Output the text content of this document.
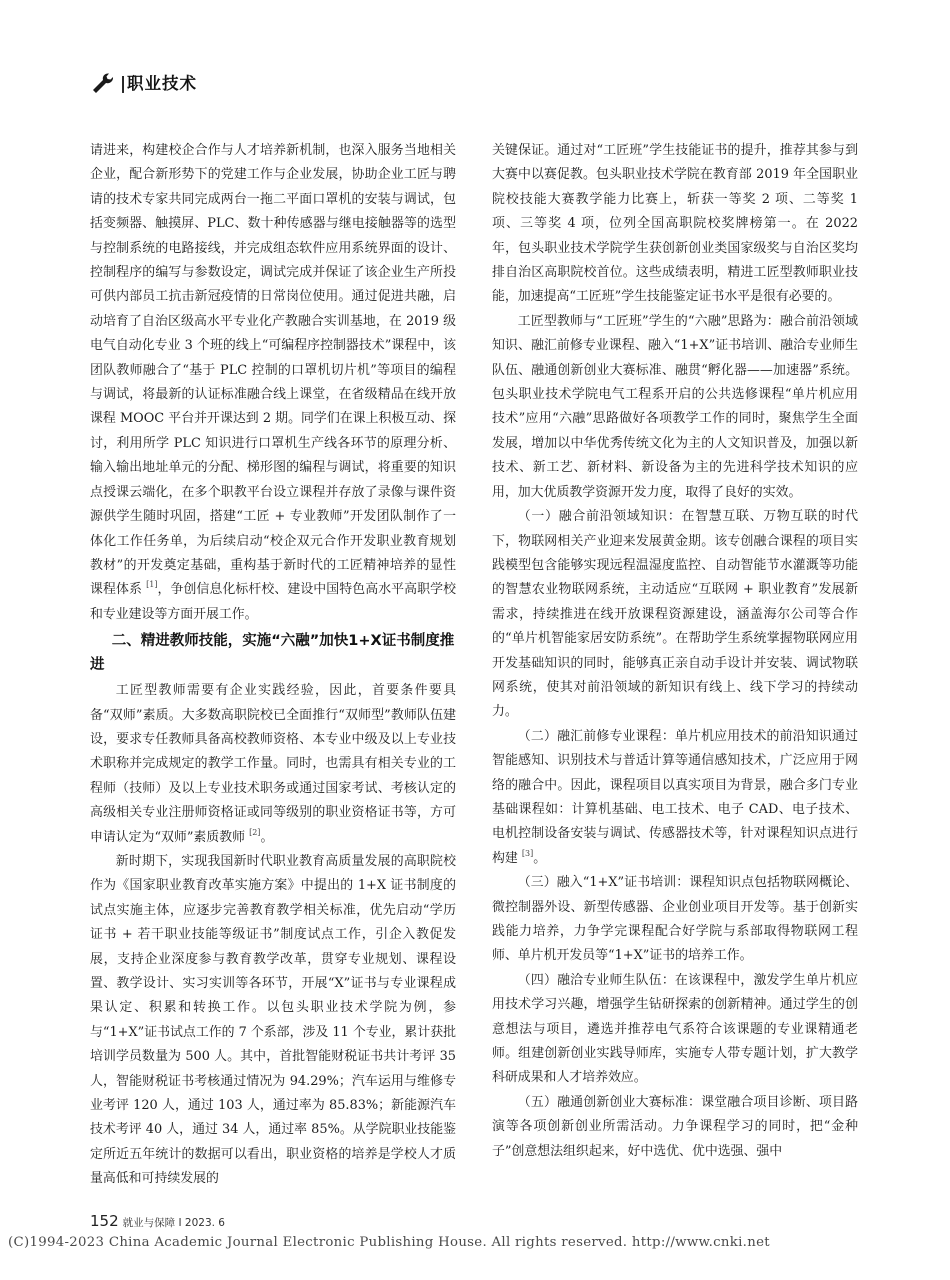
|职业技术

请进来，构建校企合作与人才培养新机制，也深入服务当地相关企业，配合新形势下的党建工作与企业发展，协助企业工匠与聘请的技术专家共同完成两台一拖二平面口罩机的安装与调试，包括变频器、触摸屏、PLC、数十种传感器与继电接触器等的选型与控制系统的电路接线，并完成组态软件应用系统界面的设计、控制程序的编写与参数设定，调试完成并保证了该企业生产所投可供内部员工抗击新冠疫情的日常岗位使用。通过促进共融，启动培育了自治区级高水平专业化产教融合实训基地，在 2019 级电气自动化专业 3 个班的线上“可编程序控制器技术”课程中，该团队教师融合了“基于 PLC 控制的口罩机切片机”等项目的编程与调试，将最新的认证标准融合线上课堂，在省级精品在线开放课程 MOOC 平台并开课达到 2 期。同学们在课上积极互动、探讨，利用所学 PLC 知识进行口罩机生产线各环节的原理分析、输入输出地址单元的分配、梯形图的编程与调试，将重要的知识点授课云端化，在多个职教平台设立课程并存放了录像与课件资源供学生随时巩固，搭建“工匠 + 专业教师”开发团队制作了一体化工作任务单，为后续启动“校企双元合作开发职业教育规划教材”的开发奠定基础，重构基于新时代的工匠精神培养的显性课程体系 [1]，争创信息化标杆校、建设中国特色高水平高职学校和专业建设等方面开展工作。

二、精进教师技能，实施“六融”加快1+X证书制度推进

工匠型教师需要有企业实践经验，因此，首要条件要具备“双师”素质。大多数高职院校已全面推行“双师型”教师队伍建设，要求专任教师具备高校教师资格、本专业中级及以上专业技术职称并完成规定的教学工作量。同时，也需具有相关专业的工程师（技师）及以上专业技术职务或通过国家考试、考核认定的高级相关专业注册师资格证或同等级别的职业资格证书等，方可申请认定为“双师”素质教师 [2]。

新时期下，实现我国新时代职业教育高质量发展的高职院校作为《国家职业教育改革实施方案》中提出的 1+X 证书制度的试点实施主体，应逐步完善教育教学相关标准，优先启动“学历证书 + 若干职业技能等级证书”制度试点工作，引企入教促发展，支持企业深度参与教育教学改革，贯穿专业规划、课程设置、教学设计、实习实训等各环节，开展“X”证书与专业课程成果认定、积累和转换工作。以包头职业技术学院为例，参与“1+X”证书试点工作的 7 个系部，涉及 11 个专业，累计获批培训学员数量为 500 人。其中，首批智能财税证书共计考评 35 人，智能财税证书考核通过情况为 94.29%；汽车运用与维修专业考评 120 人，通过 103 人，通过率为 85.83%；新能源汽车技术考评 40 人，通过 34 人，通过率 85%。从学院职业技能鉴定所近五年统计的数据可以看出，职业资格的培养是学校人才质量高低和可持续发展的

关键保证。通过对“工匠班”学生技能证书的提升，推荐其参与到大赛中以赛促教。包头职业技术学院在教育部 2019 年全国职业院校技能大赛教学能力比赛上，斩获一等奖 2 项、二等奖 1 项、三等奖 4 项，位列全国高职院校奖牌榜第一。在 2022 年，包头职业技术学院学生获创新创业类国家级奖与自治区奖均排自治区高职院校首位。这些成绩表明，精进工匠型教师职业技能，加速提高“工匠班”学生技能鉴定证书水平是很有必要的。

工匠型教师与“工匠班”学生的“六融”思路为：融合前沿领域知识、融汇前修专业课程、融入“1+X”证书培训、融洽专业师生队伍、融通创新创业大赛标准、融贯“孵化器——加速器”系统。包头职业技术学院电气工程系开启的公共选修课程“单片机应用技术”应用“六融”思路做好各项教学工作的同时，聚焦学生全面发展，增加以中华优秀传统文化为主的人文知识普及，加强以新技术、新工艺、新材料、新设备为主的先进科学技术知识的应用，加大优质教学资源开发力度，取得了良好的实效。

（一）融合前沿领域知识：在智慧互联、万物互联的时代下，物联网相关产业迎来发展黄金期。该专创融合课程的项目实践模型包含能够实现远程温湿度监控、自动智能节水灌溉等功能的智慧农业物联网系统，主动适应“互联网 + 职业教育”发展新需求，持续推进在线开放课程资源建设，涵盖海尔公司等合作的“单片机智能家居安防系统”。在帮助学生系统掌握物联网应用开发基础知识的同时，能够真正亲自动手设计并安装、调试物联网系统，使其对前沿领域的新知识有线上、线下学习的持续动力。

（二）融汇前修专业课程：单片机应用技术的前沿知识通过智能感知、识别技术与普适计算等通信感知技术，广泛应用于网络的融合中。因此，课程项目以真实项目为背景，融合多门专业基础课程如：计算机基础、电工技术、电子 CAD、电子技术、电机控制设备安装与调试、传感器技术等，针对课程知识点进行构建 [3]。

（三）融入“1+X”证书培训：课程知识点包括物联网概论、微控制器外设、新型传感器、企业创业项目开发等。基于创新实践能力培养，力争学完课程配合好学院与系部取得物联网工程师、单片机开发员等“1+X”证书的培养工作。

（四）融洽专业师生队伍：在该课程中，激发学生单片机应用技术学习兴趣，增强学生钻研探索的创新精神。通过学生的创意想法与项目，遴选并推荐电气系符合该课题的专业课精通老师。组建创新创业实践导师库，实施专人带专题计划，扩大教学科研成果和人才培养效应。

（五）融通创新创业大赛标准：课堂融合项目诊断、项目路演等各项创新创业所需活动。力争课程学习的同时，把“金种子”创意想法组织起来，好中选优、优中选强、强中

152 就业与保障 I 2023. 6
(C)1994-2023 China Academic Journal Electronic Publishing House. All rights reserved. http://www.cnki.net
